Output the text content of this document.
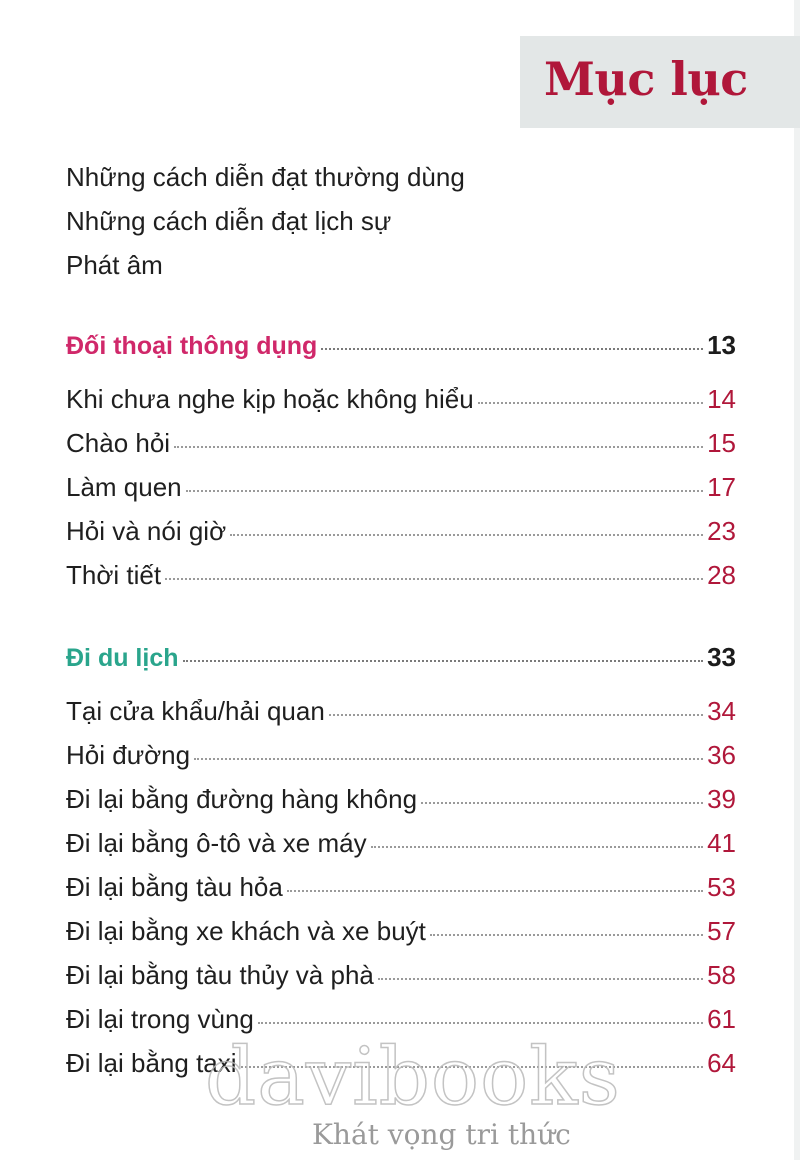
Mục lục
Những cách diễn đạt thường dùng
Những cách diễn đạt lịch sự
Phát âm
Đối thoại thông dụng	13
Khi chưa nghe kịp hoặc không hiểu	14
Chào hỏi	15
Làm quen	17
Hỏi và nói giờ	23
Thời tiết	28
Đi du lịch	33
Tại cửa khẩu/hải quan	34
Hỏi đường	36
Đi lại bằng đường hàng không	39
Đi lại bằng ô-tô và xe máy	41
Đi lại bằng tàu hỏa	53
Đi lại bằng xe khách và xe buýt	57
Đi lại bằng tàu thủy và phà	58
Đi lại trong vùng	61
Đi lại bằng taxi	64
davibooks
Khát vọng tri thức
